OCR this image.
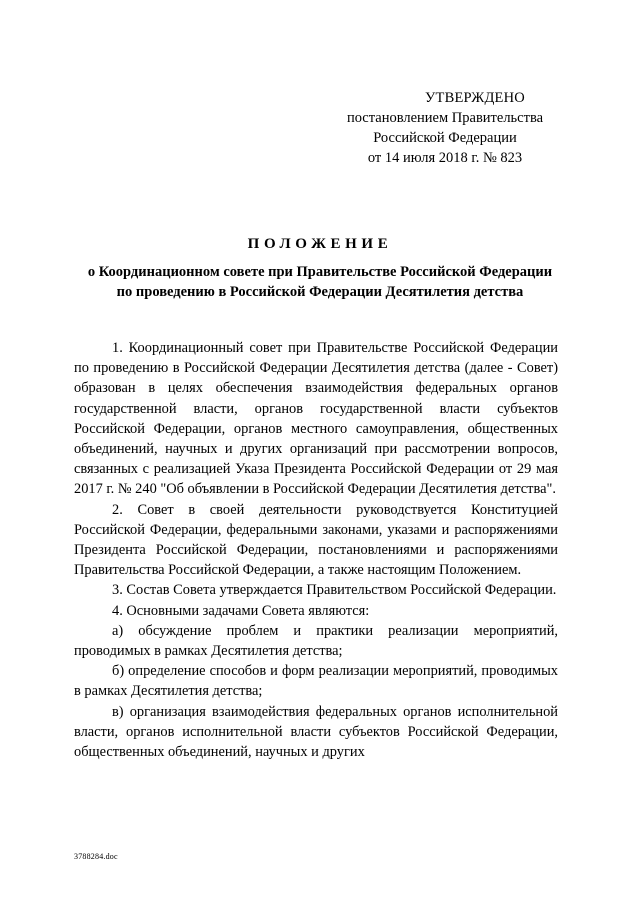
УТВЕРЖДЕНО
постановлением Правительства
Российской Федерации
от 14 июля 2018 г. № 823
ПОЛОЖЕНИЕ
о Координационном совете при Правительстве Российской Федерации
по проведению в Российской Федерации Десятилетия детства

1. Координационный совет при Правительстве Российской Федерации по проведению в Российской Федерации Десятилетия детства (далее - Совет) образован в целях обеспечения взаимодействия федеральных органов государственной власти, органов государственной власти субъектов Российской Федерации, органов местного самоуправления, общественных объединений, научных и других организаций при рассмотрении вопросов, связанных с реализацией Указа Президента Российской Федерации от 29 мая 2017 г. № 240 "Об объявлении в Российской Федерации Десятилетия детства".

2. Совет в своей деятельности руководствуется Конституцией Российской Федерации, федеральными законами, указами и распоряжениями Президента Российской Федерации, постановлениями и распоряжениями Правительства Российской Федерации, а также настоящим Положением.

3. Состав Совета утверждается Правительством Российской Федерации.

4. Основными задачами Совета являются:

а) обсуждение проблем и практики реализации мероприятий, проводимых в рамках Десятилетия детства;

б) определение способов и форм реализации мероприятий, проводимых в рамках Десятилетия детства;

в) организация взаимодействия федеральных органов исполнительной власти, органов исполнительной власти субъектов Российской Федерации, общественных объединений, научных и других

3788284.doc
